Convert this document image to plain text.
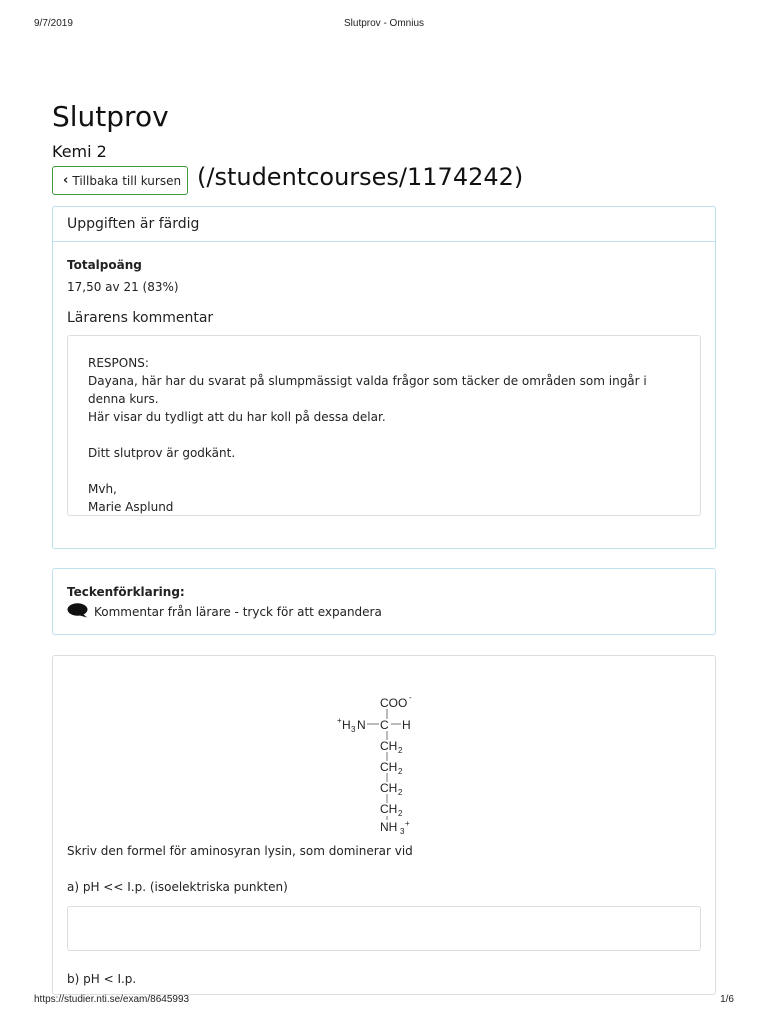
9/7/2019	Slutprov - Omnius
Slutprov
Kemi 2
‹ Tillbaka till kursen (/studentcourses/1174242)
Uppgiften är färdig
Totalpoäng
17,50 av 21 (83%)
Lärarens kommentar
RESPONS:
Dayana, här har du svarat på slumpmässigt valda frågor som täcker de områden som ingår i denna kurs.
Här visar du tydligt att du har koll på dessa delar.
Ditt slutprov är godkänt.
Mvh,
Marie Asplund
Teckenförklaring:
Kommentar från lärare - tryck för att expandera
COO -
+ H 3 N C H
CH 2
CH 2
CH 2
CH 2
NH 3
+
Skriv den formel för aminosyran lysin, som dominerar vid
a) pH << I.p. (isoelektriska punkten)
b) pH < I.p.
https://studier.nti.se/exam/8645993	1/6
